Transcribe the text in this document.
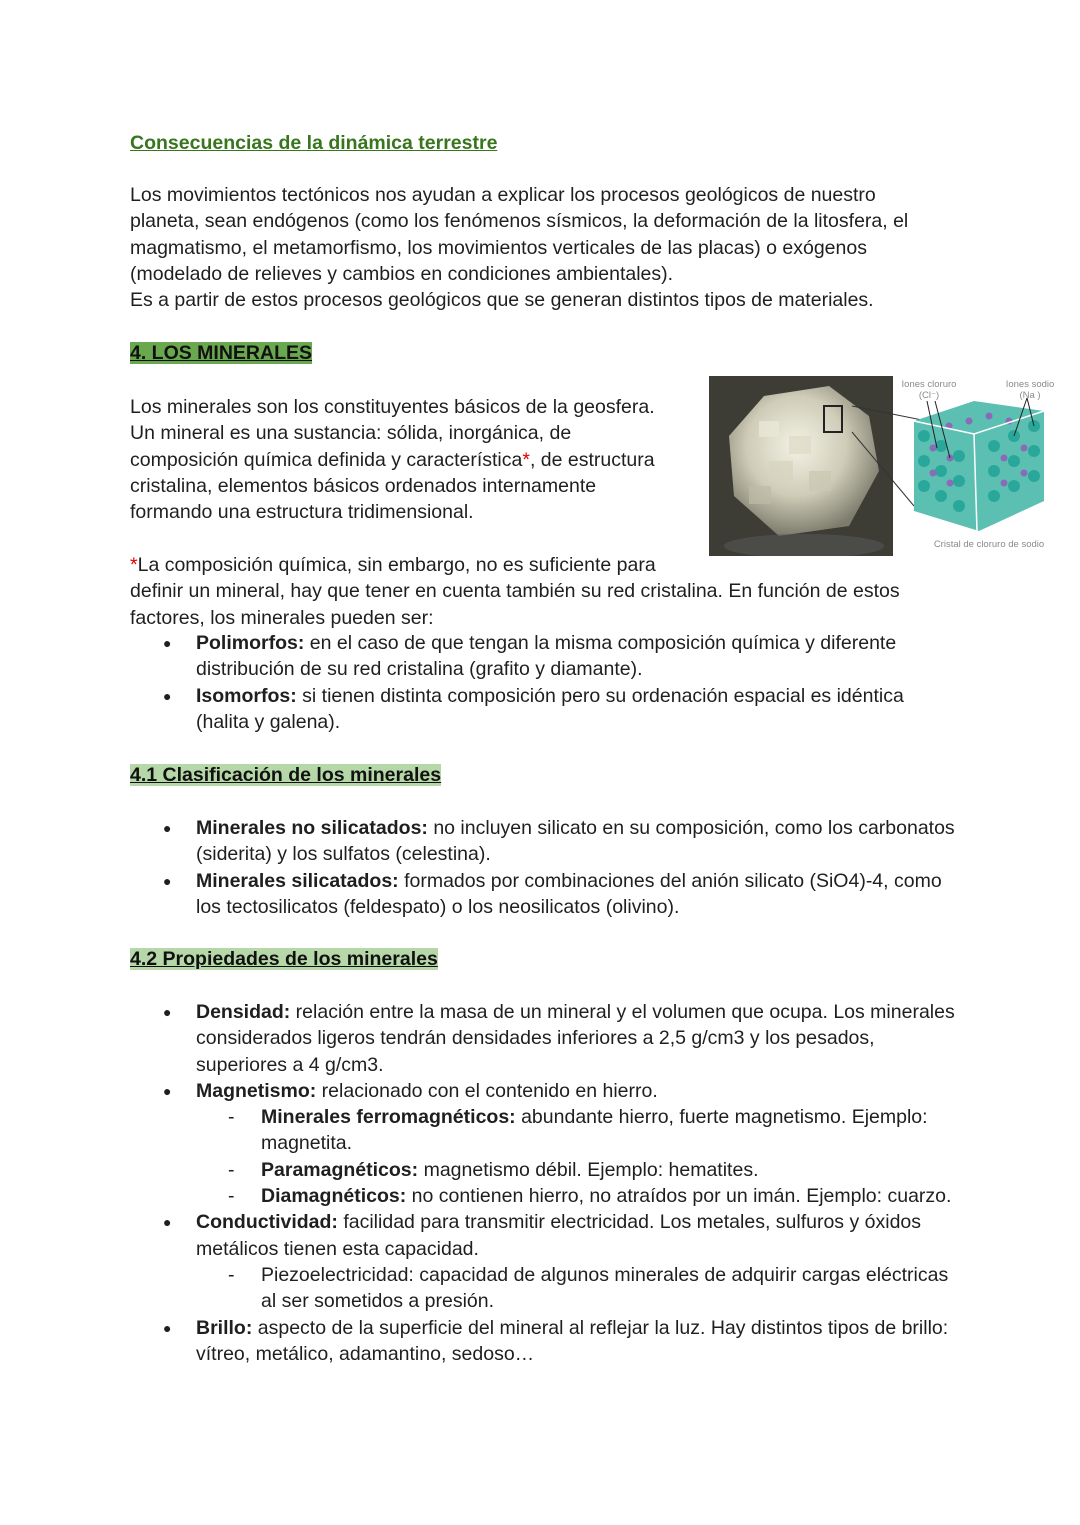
Consecuencias de la dinámica terrestre
Los movimientos tectónicos nos ayudan a explicar los procesos geológicos de nuestro
planeta, sean endógenos (como los fenómenos sísmicos, la deformación de la litosfera, el
magmatismo, el metamorfismo, los movimientos verticales de las placas) o exógenos
(modelado de relieves y cambios en condiciones ambientales).
Es a partir de estos procesos geológicos que se generan distintos tipos de materiales.
4. LOS MINERALES
Los minerales son los constituyentes básicos de la geosfera.
Un mineral es una sustancia: sólida, inorgánica, de
composición química definida y característica*, de estructura
cristalina, elementos básicos ordenados internamente
formando una estructura tridimensional.
Iones cloruro
(Cl⁻)
Iones sodio
(Na )
Cristal de cloruro de sodio
*La composición química, sin embargo, no es suficiente para
definir un mineral, hay que tener en cuenta también su red cristalina. En función de estos
factores, los minerales pueden ser:
● Polimorfos: en el caso de que tengan la misma composición química y diferente distribución de su red cristalina (grafito y diamante).
● Isomorfos: si tienen distinta composición pero su ordenación espacial es idéntica (halita y galena).
4.1 Clasificación de los minerales
● Minerales no silicatados: no incluyen silicato en su composición, como los carbonatos (siderita) y los sulfatos (celestina).
● Minerales silicatados: formados por combinaciones del anión silicato (SiO4)-4, como los tectosilicatos (feldespato) o los neosilicatos (olivino).
4.2 Propiedades de los minerales
● Densidad: relación entre la masa de un mineral y el volumen que ocupa. Los minerales considerados ligeros tendrán densidades inferiores a 2,5 g/cm3 y los pesados, superiores a 4 g/cm3.
● Magnetismo: relacionado con el contenido en hierro.
- Minerales ferromagnéticos: abundante hierro, fuerte magnetismo. Ejemplo: magnetita.
- Paramagnéticos: magnetismo débil. Ejemplo: hematites.
- Diamagnéticos: no contienen hierro, no atraídos por un imán. Ejemplo: cuarzo.
● Conductividad: facilidad para transmitir electricidad. Los metales, sulfuros y óxidos metálicos tienen esta capacidad.
- Piezoelectricidad: capacidad de algunos minerales de adquirir cargas eléctricas al ser sometidos a presión.
● Brillo: aspecto de la superficie del mineral al reflejar la luz. Hay distintos tipos de brillo: vítreo, metálico, adamantino, sedoso…
